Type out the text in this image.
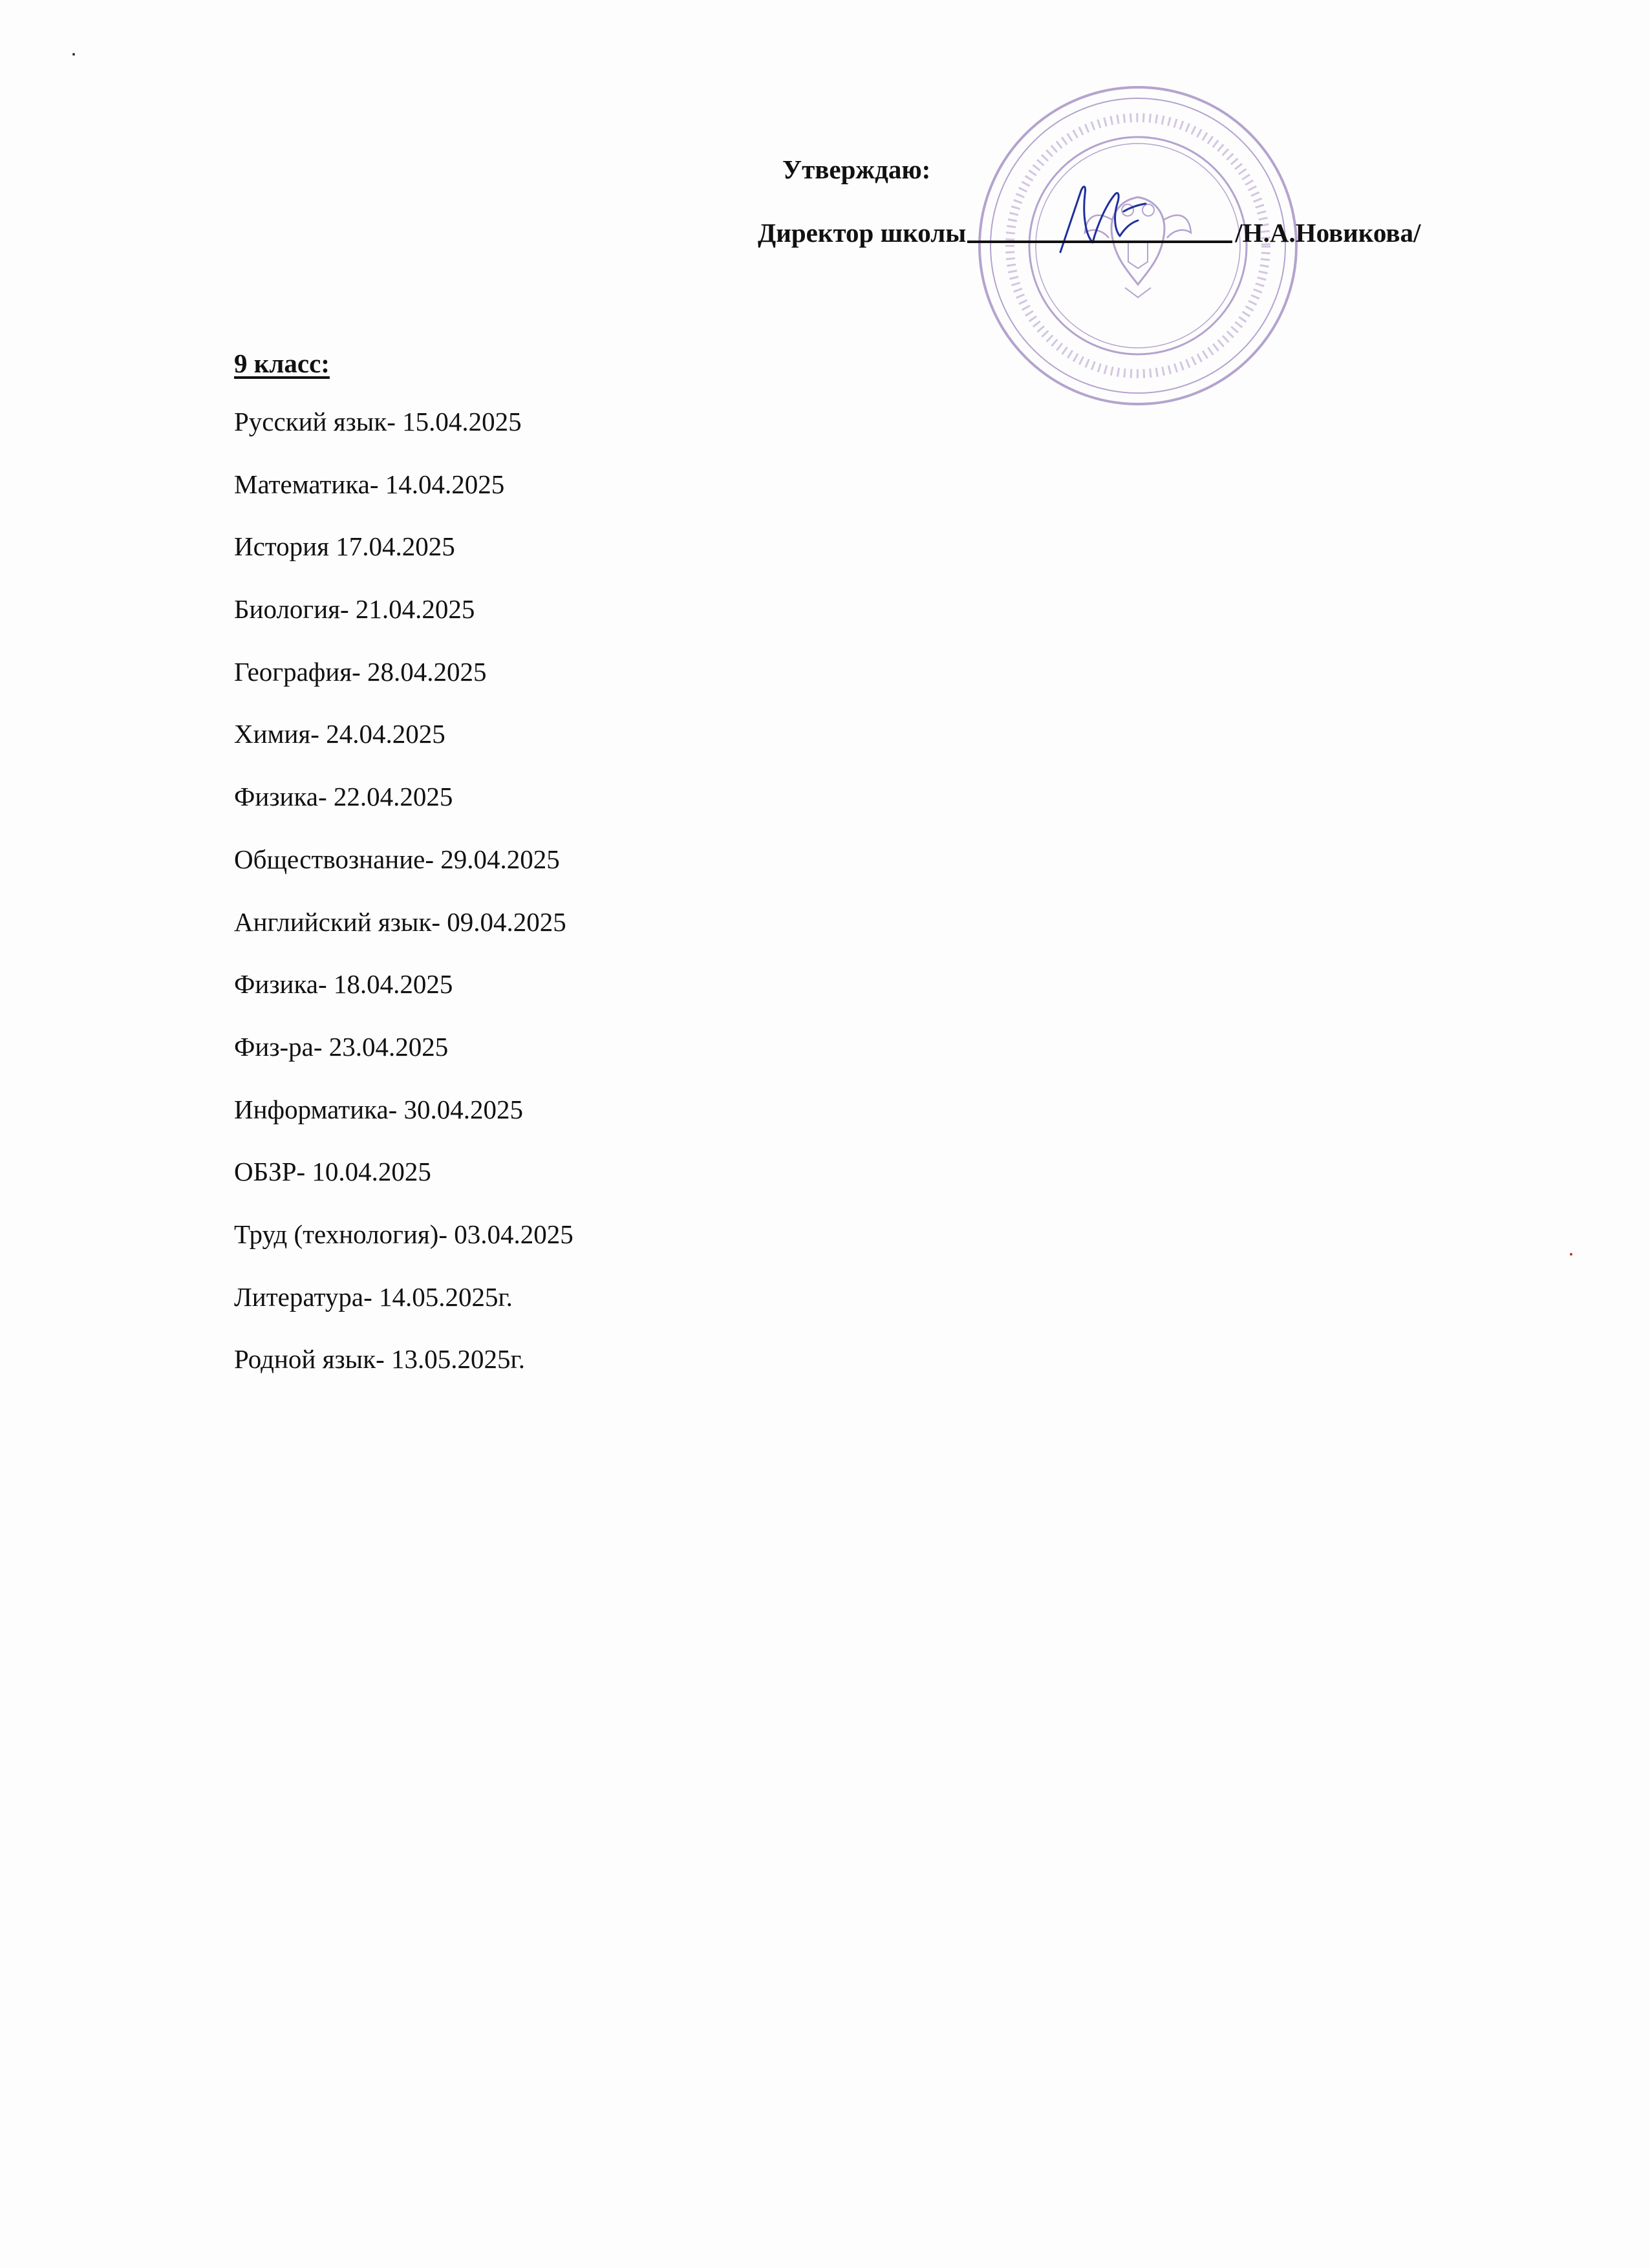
Утверждаю:
Директор школы	/Н.А.Новикова/
9 класс:
Русский язык- 15.04.2025
Математика- 14.04.2025
История 17.04.2025
Биология- 21.04.2025
География- 28.04.2025
Химия- 24.04.2025
Физика- 22.04.2025
Обществознание- 29.04.2025
Английский язык- 09.04.2025
Физика- 18.04.2025
Физ-ра- 23.04.2025
Информатика- 30.04.2025
ОБЗР- 10.04.2025
Труд (технология)- 03.04.2025
Литература- 14.05.2025г.
Родной язык- 13.05.2025г.
